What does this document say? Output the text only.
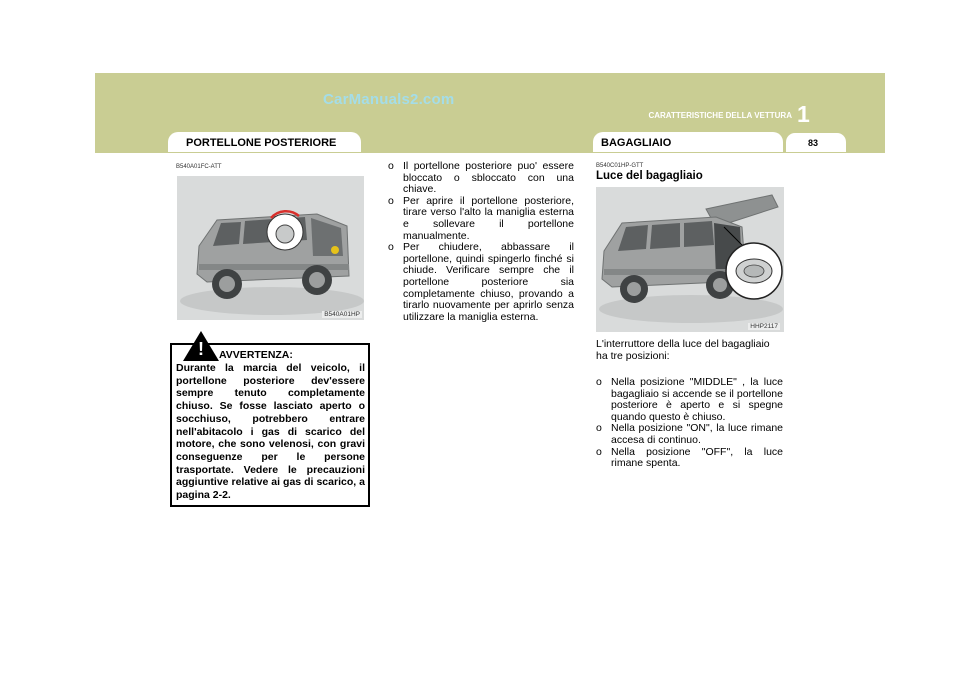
CarManuals2.com
CARATTERISTICHE DELLA VETTURA 1
PORTELLONE POSTERIORE	BAGAGLIAIO	83
B540A01FC-ATT
B540A01HP
! AVVERTENZA:
Durante la marcia del veicolo, il portellone posteriore dev'essere sempre tenuto completamente chiuso. Se fosse lasciato aperto o socchiuso, potrebbero entrare nell'abitacolo i gas di scarico del motore, che sono velenosi, con gravi conseguenze per le persone trasportate. Vedere le precauzioni aggiuntive relative ai gas di scarico, a pagina 2-2.
o Il portellone posteriore puo' essere bloccato o sbloccato con una chiave.
o Per aprire il portellone posteriore, tirare verso l'alto la maniglia esterna e sollevare il portellone manualmente.
o Per chiudere, abbassare il portellone, quindi spingerlo finché si chiude. Verificare sempre che il portellone posteriore sia completamente chiuso, provando a tirarlo nuovamente per aprirlo senza utilizzare la maniglia esterna.
B540C01HP-GTT
Luce del bagagliaio
HHP2117
L'interruttore della luce del bagagliaio ha tre posizioni:
o Nella posizione "MIDDLE" , la luce bagagliaio si accende se il portellone posteriore è aperto e si spegne quando questo è chiuso.
o Nella posizione "ON", la luce rimane accesa di continuo.
o Nella posizione "OFF", la luce rimane spenta.
